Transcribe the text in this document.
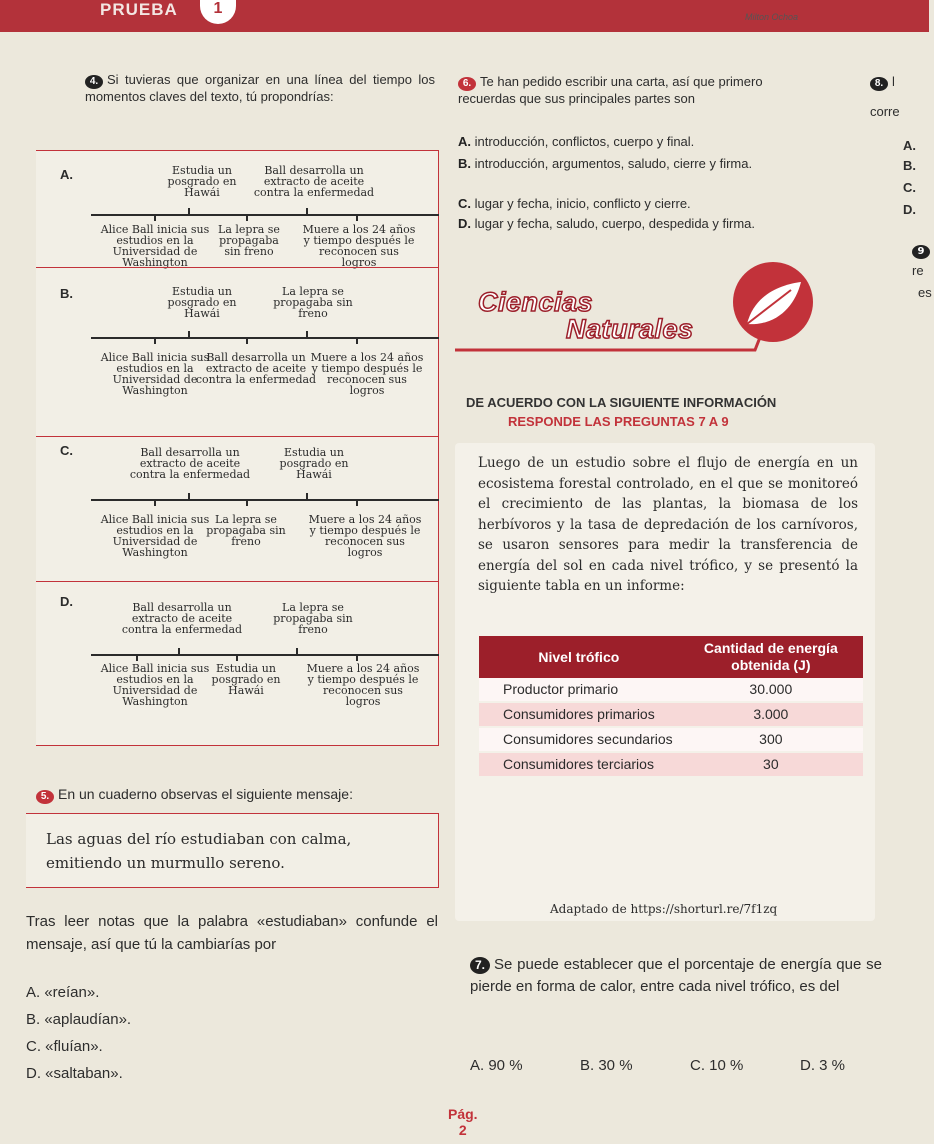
PRUEBA	1	Milton Ochoa
4. Si tuvieras que organizar en una línea del tiempo los momentos claves del texto, tú propondrías:
A.	Estudia un posgrado en Hawái
Ball desarrolla un extracto de aceite contra la enfermedad
Alice Ball inicia sus estudios en la Universidad de Washington
La lepra se propagaba sin freno
Muere a los 24 años y tiempo después le reconocen sus logros
B.	Estudia un posgrado en Hawái
La lepra se propagaba sin freno
Alice Ball inicia sus estudios en la Universidad de Washington
Ball desarrolla un extracto de aceite contra la enfermedad
Muere a los 24 años y tiempo después le reconocen sus logros
C.	Ball desarrolla un extracto de aceite contra la enfermedad
Estudia un posgrado en Hawái
Alice Ball inicia sus estudios en la Universidad de Washington
La lepra se propagaba sin freno
Muere a los 24 años y tiempo después le reconocen sus logros
D.	Ball desarrolla un extracto de aceite contra la enfermedad
La lepra se propagaba sin freno
Alice Ball inicia sus estudios en la Universidad de Washington
Estudia un posgrado en Hawái
Muere a los 24 años y tiempo después le reconocen sus logros
5. En un cuaderno observas el siguiente mensaje:
Las aguas del río estudiaban con calma, emitiendo un murmullo sereno.
Tras leer notas que la palabra «estudiaban» confunde el mensaje, así que tú la cambiarías por
A. «reían».
B. «aplaudían».
C. «fluían».
D. «saltaban».
6. Te han pedido escribir una carta, así que primero recuerdas que sus principales partes son
A. introducción, conflictos, cuerpo y final.
B. introducción, argumentos, saludo, cierre y firma.
C. lugar y fecha, inicio, conflicto y cierre.
D. lugar y fecha, saludo, cuerpo, despedida y firma.
8. l
corre
A.
B.
C.
D.
9
re
es
Ciencias
Naturales
DE ACUERDO CON LA SIGUIENTE INFORMACIÓN
RESPONDE LAS PREGUNTAS 7 A 9
Luego de un estudio sobre el flujo de energía en un ecosistema forestal controlado, en el que se monitoreó el crecimiento de las plantas, la biomasa de los herbívoros y la tasa de depredación de los carnívoros, se usaron sensores para medir la transferencia de energía del sol en cada nivel trófico, y se presentó la siguiente tabla en un informe:
Nivel trófico	Cantidad de energía obtenida (J)
Productor primario	30.000
Consumidores primarios	3.000
Consumidores secundarios	300
Consumidores terciarios	30
Adaptado de https://shorturl.re/7f1zq
7. Se puede establecer que el porcentaje de energía que se pierde en forma de calor, entre cada nivel trófico, es del
A. 90 %	B. 30 %	C. 10 %	D. 3 %
Pág.
2
